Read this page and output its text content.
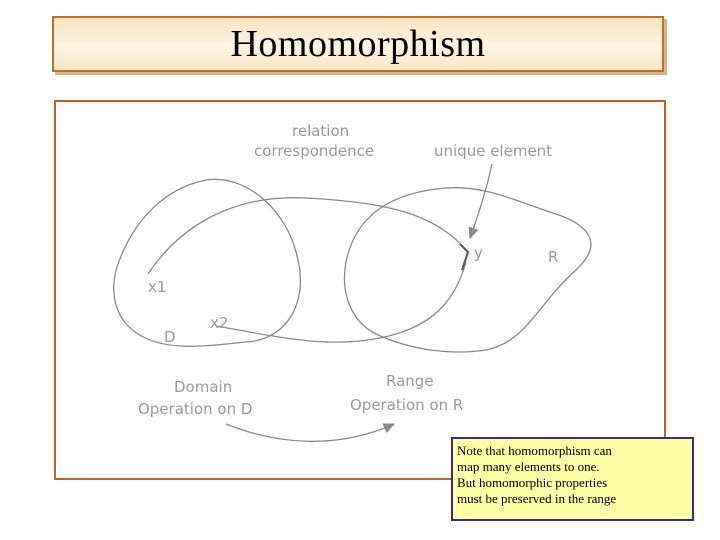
Homomorphism
relation
correspondence	unique element
y	R
x1
x2
D
Domain
Operation on D
Range
Operation on R
Note that homomorphism can
map many elements to one.
But homomorphic properties
must be preserved in the range
